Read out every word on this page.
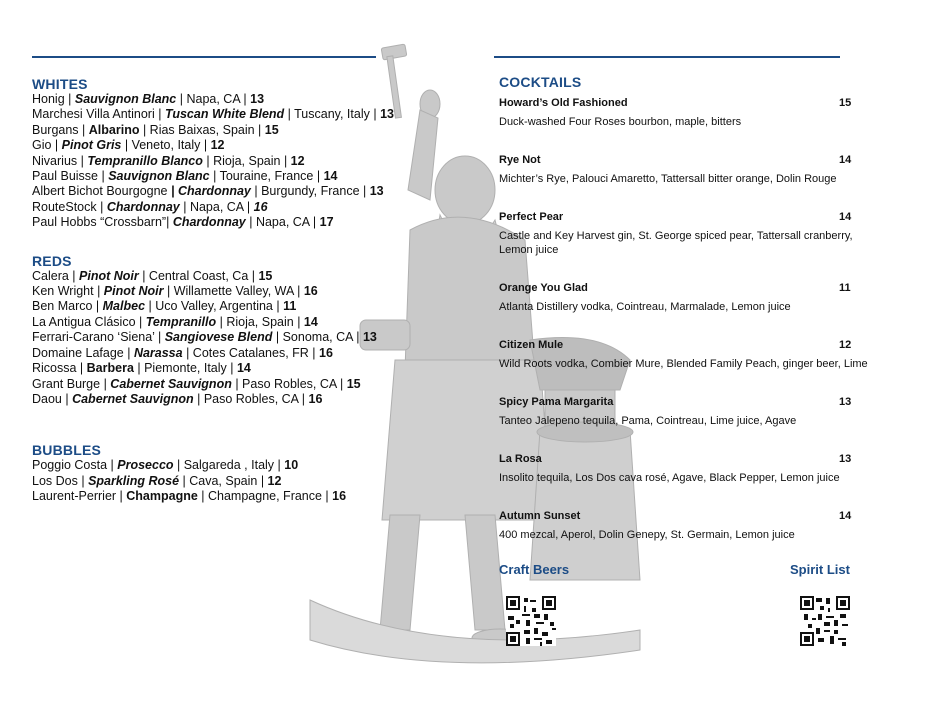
WHITES
Honig | Sauvignon Blanc | Napa, CA | 13
Marchesi Villa Antinori | Tuscan White Blend | Tuscany, Italy | 13
Burgans | Albarino | Rias Baixas, Spain | 15
Gio | Pinot Gris | Veneto, Italy | 12
Nivarius | Tempranillo Blanco | Rioja, Spain | 12
Paul Buisse | Sauvignon Blanc | Touraine, France | 14
Albert Bichot Bourgogne | Chardonnay | Burgundy, France | 13
RouteStock | Chardonnay | Napa, CA | 16
Paul Hobbs “Crossbarn”| Chardonnay | Napa, CA | 17
REDS
Calera | Pinot Noir | Central Coast, Ca | 15
Ken Wright | Pinot Noir | Willamette Valley, WA | 16
Ben Marco | Malbec | Uco Valley, Argentina | 11
La Antigua Clásico | Tempranillo | Rioja, Spain | 14
Ferrari-Carano ‘Siena’ | Sangiovese Blend | Sonoma, CA | 13
Domaine Lafage | Narassa | Cotes Catalanes, FR | 16
Ricossa | Barbera | Piemonte, Italy | 14
Grant Burge | Cabernet Sauvignon | Paso Robles, CA | 15
Daou | Cabernet Sauvignon | Paso Robles, CA | 16
BUBBLES
Poggio Costa | Prosecco | Salgareda , Italy | 10
Los Dos | Sparkling Rosé | Cava, Spain | 12
Laurent-Perrier | Champagne | Champagne, France | 16
COCKTAILS
Howard’s Old Fashioned	15
Duck-washed Four Roses bourbon, maple, bitters
Rye Not	14
Michter’s Rye, Palouci Amaretto, Tattersall bitter orange, Dolin Rouge
Perfect Pear	14
Castle and Key Harvest gin, St. George spiced pear, Tattersall cranberry, Lemon juice
Orange You Glad	11
Atlanta Distillery vodka, Cointreau, Marmalade, Lemon juice
Citizen Mule	12
Wild Roots vodka, Combier Mure, Blended Family Peach, ginger beer, Lime
Spicy Pama Margarita	13
Tanteo Jalepeno tequila, Pama, Cointreau, Lime juice, Agave
La Rosa	13
Insolito tequila, Los Dos cava rosé, Agave, Black Pepper, Lemon juice
Autumn Sunset	14
400 mezcal, Aperol, Dolin Genepy, St. Germain, Lemon juice
Craft Beers	Spirit List
